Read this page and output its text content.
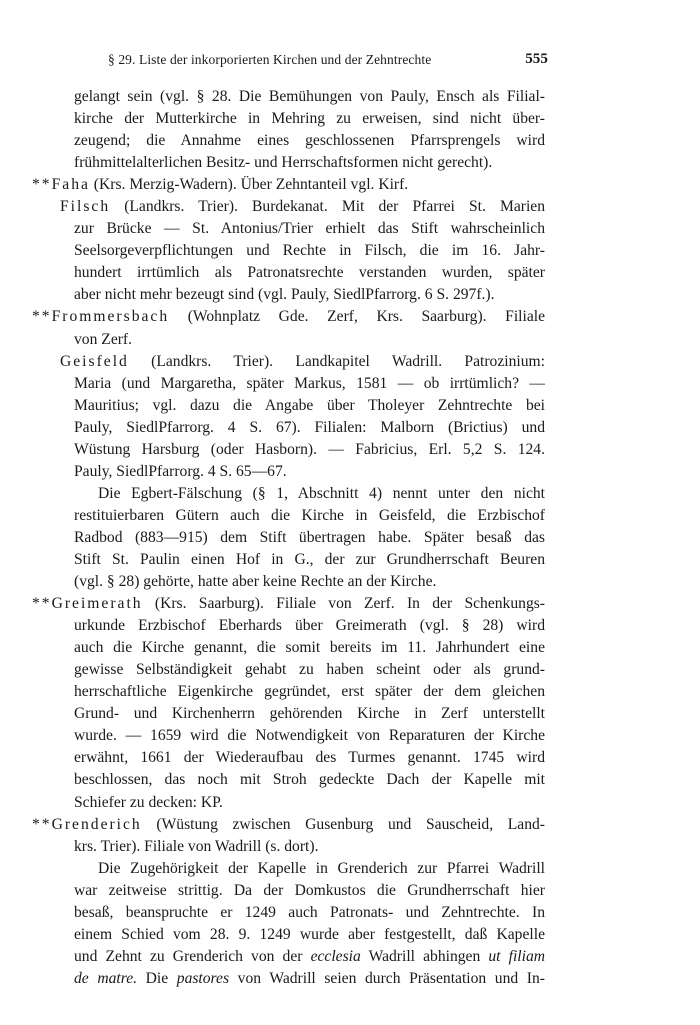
§ 29. Liste der inkorporierten Kirchen und der Zehntrechte	555
gelangt sein (vgl. § 28. Die Bemühungen von Pauly, Ensch als Filial-
kirche der Mutterkirche in Mehring zu erweisen, sind nicht über-
zeugend; die Annahme eines geschlossenen Pfarrsprengels wird
frühmittelalterlichen Besitz- und Herrschaftsformen nicht gerecht).
**Faha (Krs. Merzig-Wadern). Über Zehntanteil vgl. Kirf.
Filsch (Landkrs. Trier). Burdekanat. Mit der Pfarrei St. Marien
zur Brücke — St. Antonius/Trier erhielt das Stift wahrscheinlich
Seelsorgeverpflichtungen und Rechte in Filsch, die im 16. Jahr-
hundert irrtümlich als Patronatsrechte verstanden wurden, später
aber nicht mehr bezeugt sind (vgl. Pauly, SiedlPfarrorg. 6 S. 297f.).
**Frommersbach (Wohnplatz Gde. Zerf, Krs. Saarburg). Filiale
von Zerf.
Geisfeld (Landkrs. Trier). Landkapitel Wadrill. Patrozinium:
Maria (und Margaretha, später Markus, 1581 — ob irrtümlich? —
Mauritius; vgl. dazu die Angabe über Tholeyer Zehntrechte bei
Pauly, SiedlPfarrorg. 4 S. 67). Filialen: Malborn (Brictius) und
Wüstung Harsburg (oder Hasborn). — Fabricius, Erl. 5,2 S. 124.
Pauly, SiedlPfarrorg. 4 S. 65—67.
Die Egbert-Fälschung (§ 1, Abschnitt 4) nennt unter den nicht
restituierbaren Gütern auch die Kirche in Geisfeld, die Erzbischof
Radbod (883—915) dem Stift übertragen habe. Später besaß das
Stift St. Paulin einen Hof in G., der zur Grundherrschaft Beuren
(vgl. § 28) gehörte, hatte aber keine Rechte an der Kirche.
**Greimerath (Krs. Saarburg). Filiale von Zerf. In der Schenkungs-
urkunde Erzbischof Eberhards über Greimerath (vgl. § 28) wird
auch die Kirche genannt, die somit bereits im 11. Jahrhundert eine
gewisse Selbständigkeit gehabt zu haben scheint oder als grund-
herrschaftliche Eigenkirche gegründet, erst später der dem gleichen
Grund- und Kirchenherrn gehörenden Kirche in Zerf unterstellt
wurde. — 1659 wird die Notwendigkeit von Reparaturen der Kirche
erwähnt, 1661 der Wiederaufbau des Turmes genannt. 1745 wird
beschlossen, das noch mit Stroh gedeckte Dach der Kapelle mit
Schiefer zu decken: KP.
**Grenderich (Wüstung zwischen Gusenburg und Sauscheid, Land-
krs. Trier). Filiale von Wadrill (s. dort).
Die Zugehörigkeit der Kapelle in Grenderich zur Pfarrei Wadrill
war zeitweise strittig. Da der Domkustos die Grundherrschaft hier
besaß, beanspruchte er 1249 auch Patronats- und Zehntrechte. In
einem Schied vom 28. 9. 1249 wurde aber festgestellt, daß Kapelle
und Zehnt zu Grenderich von der ecclesia Wadrill abhingen ut filiam
de matre. Die pastores von Wadrill seien durch Präsentation und In-
